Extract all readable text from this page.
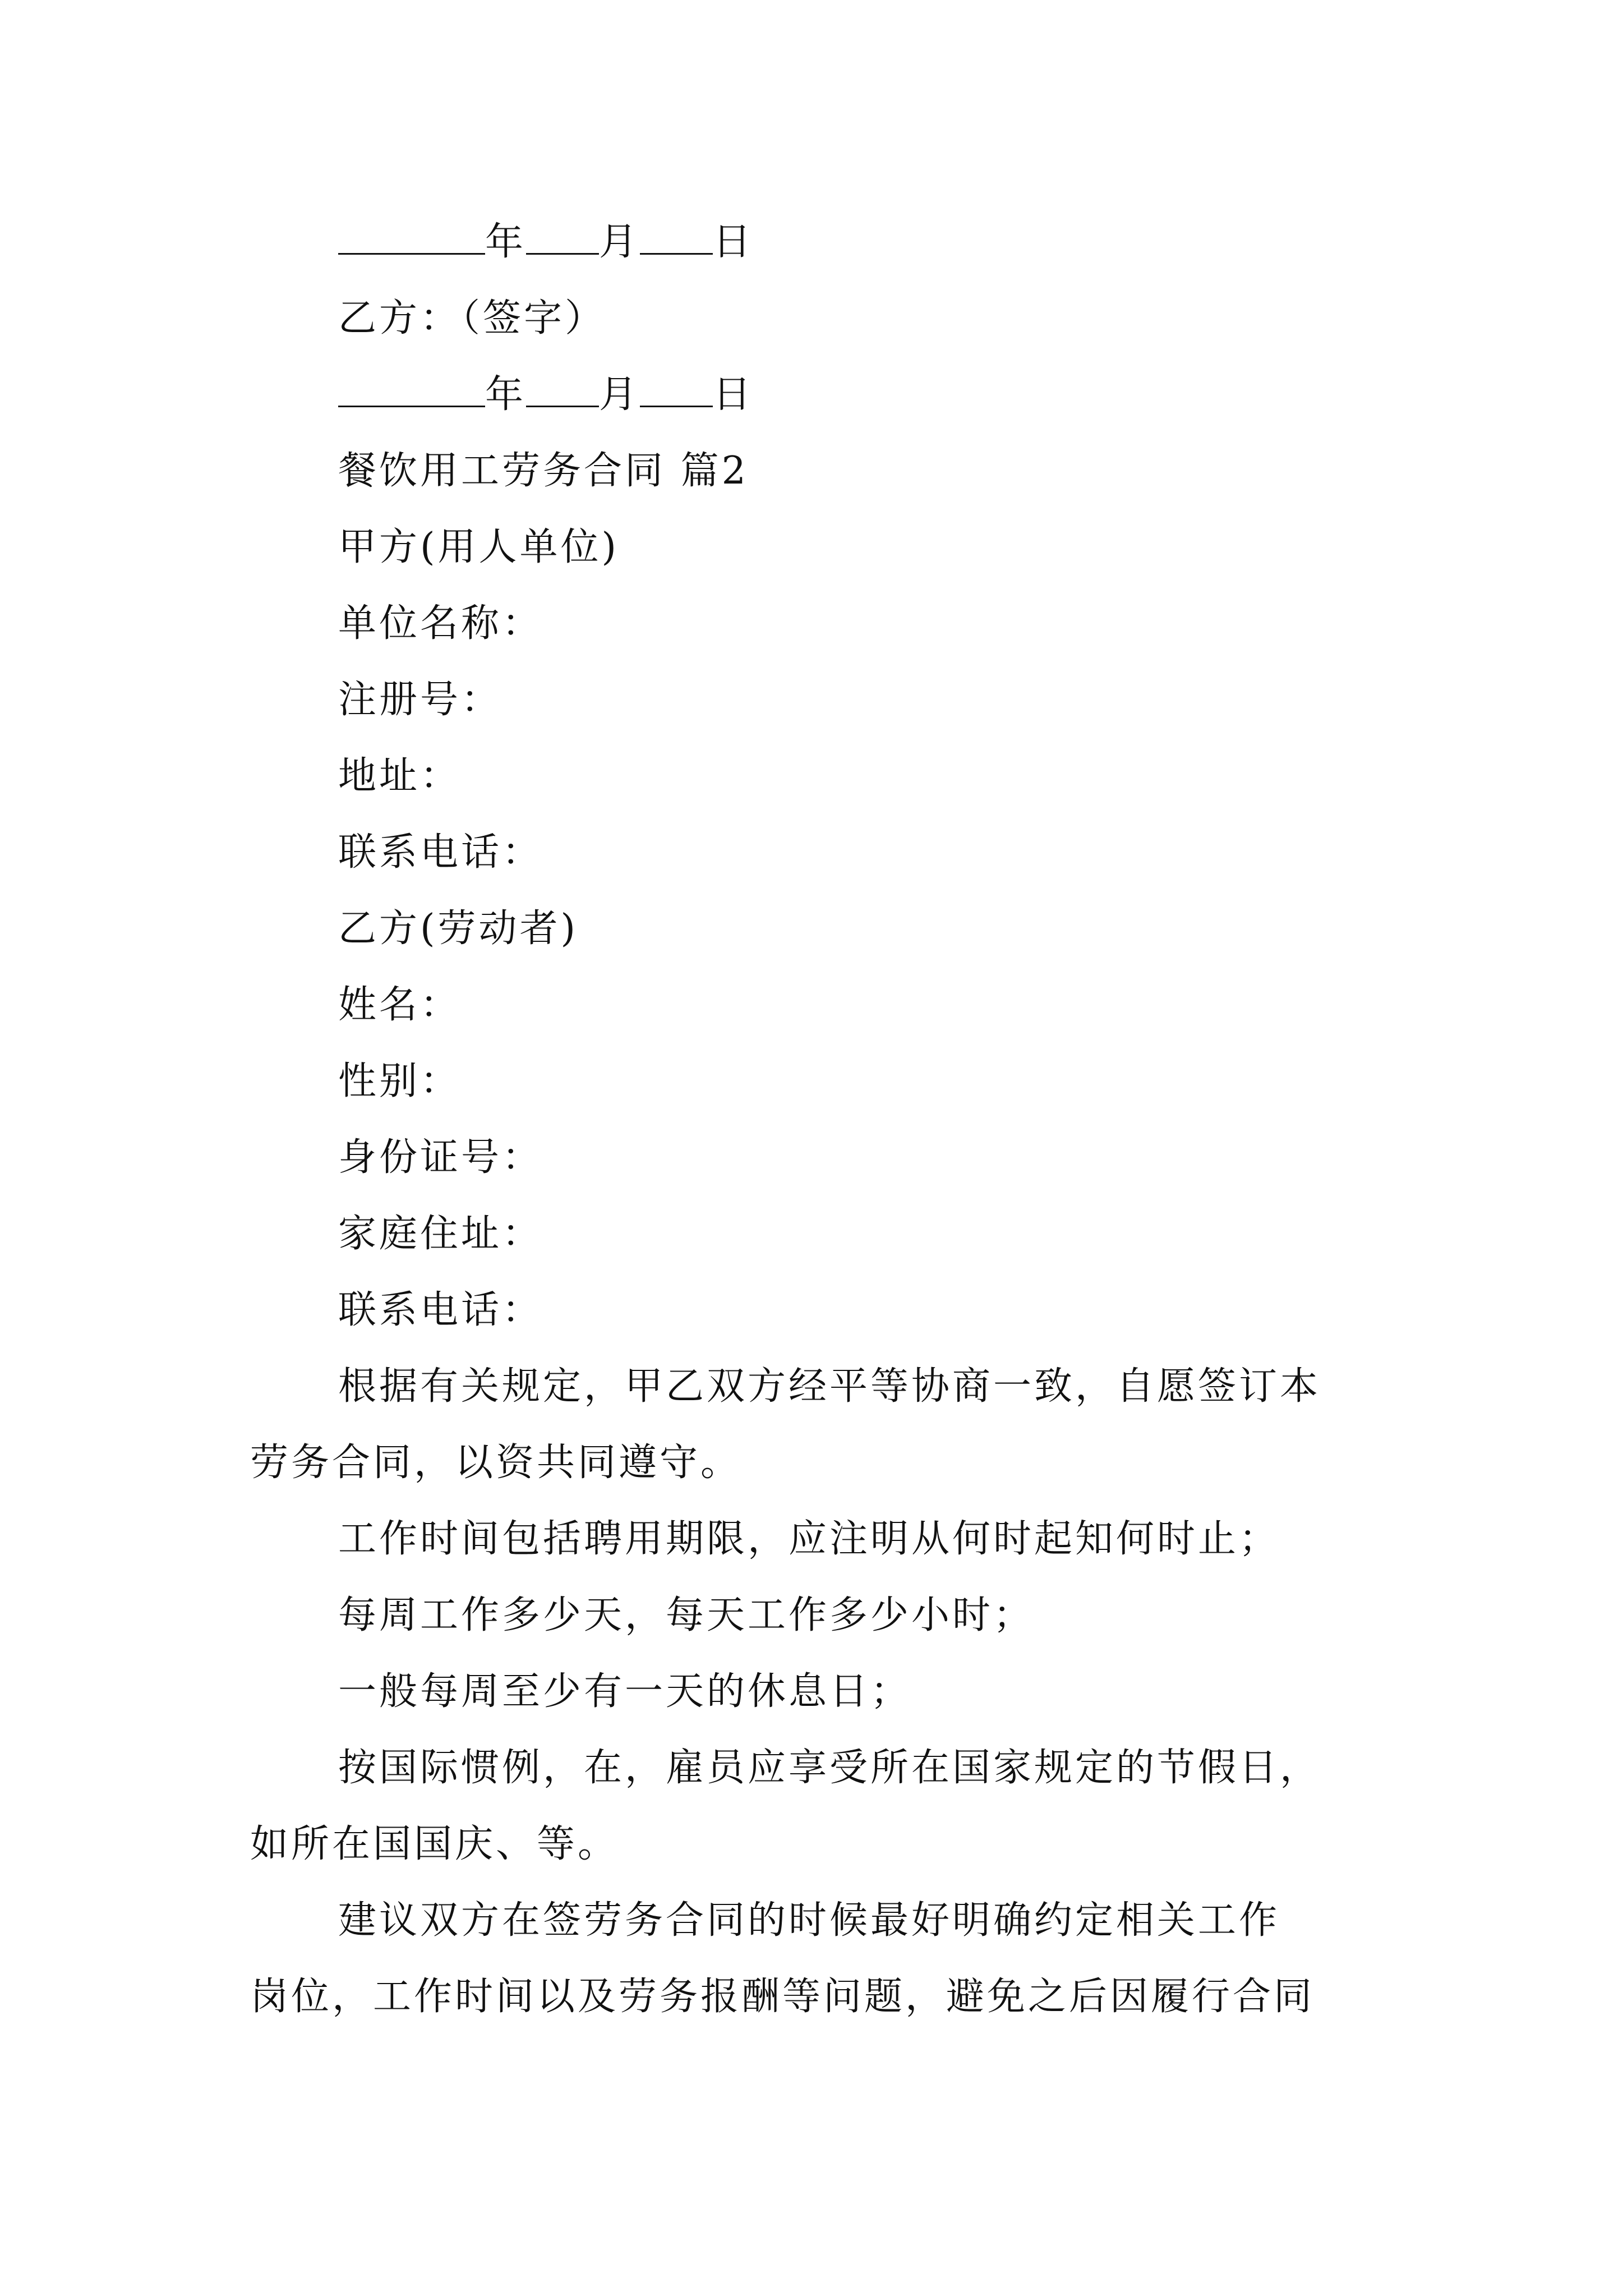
年 月 日
乙方：（签字）
年 月 日
餐饮用工劳务合同 篇2
甲方(用人单位)
单位名称：
注册号：
地址：
联系电话：
乙方(劳动者)
姓名：
性别：
身份证号：
家庭住址：
联系电话：
根据有关规定，甲乙双方经平等协商一致，自愿签订本
劳务合同，以资共同遵守。
工作时间包括聘用期限，应注明从何时起知何时止；
每周工作多少天，每天工作多少小时；
一般每周至少有一天的休息日；
按国际惯例，在，雇员应享受所在国家规定的节假日，
如所在国国庆、等。
建议双方在签劳务合同的时候最好明确约定相关工作
岗位，工作时间以及劳务报酬等问题，避免之后因履行合同
